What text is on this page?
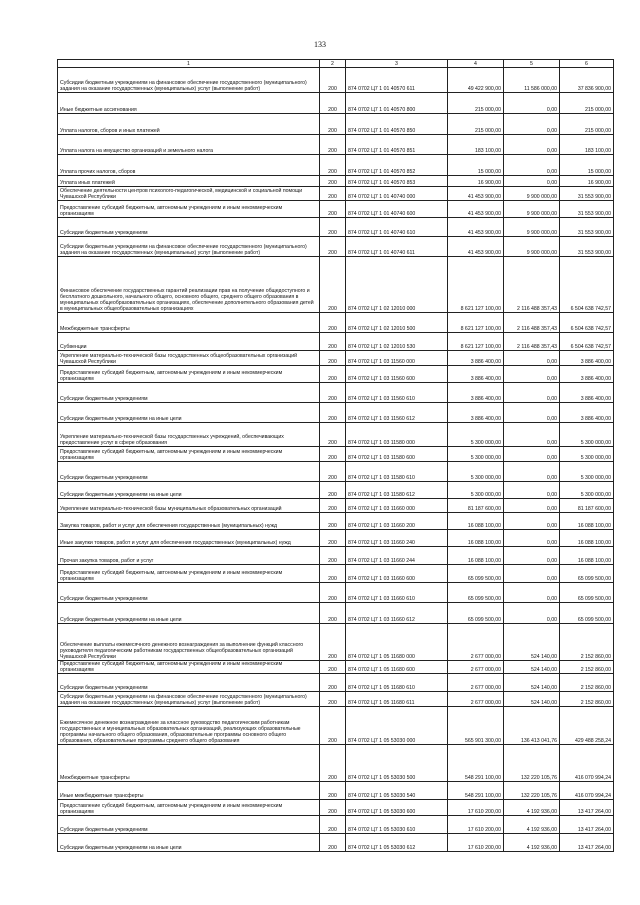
133
1	2	3	4	5	6
Субсидии бюджетным учреждениям на финансовое обеспечение государственного (муниципального) задания на оказание государственных (муниципальных) услуг (выполнение работ)	200	874 0702 Ц7 1 01 40570 611	49 422 900,00	11 586 000,00	37 836 900,00
Иные бюджетные ассигнования	200	874 0702 Ц7 1 01 40570 800	215 000,00	0,00	215 000,00
Уплата налогов, сборов и иных платежей	200	874 0702 Ц7 1 01 40570 850	215 000,00	0,00	215 000,00
Уплата налога на имущество организаций и земельного налога	200	874 0702 Ц7 1 01 40570 851	183 100,00	0,00	183 100,00
Уплата прочих налогов, сборов	200	874 0702 Ц7 1 01 40570 852	15 000,00	0,00	15 000,00
Уплата иных платежей	200	874 0702 Ц7 1 01 40570 853	16 900,00	0,00	16 900,00
Обеспечение деятельности центров психолого-педагогической, медицинской и социальной помощи Чувашской Республики	200	874 0702 Ц7 1 01 40740 000	41 453 900,00	9 900 000,00	31 553 900,00
Предоставление субсидий бюджетным, автономным учреждениям и иным некоммерческим организациям	200	874 0702 Ц7 1 01 40740 600	41 453 900,00	9 900 000,00	31 553 900,00
Субсидии бюджетным учреждениям	200	874 0702 Ц7 1 01 40740 610	41 453 900,00	9 900 000,00	31 553 900,00
Субсидии бюджетным учреждениям на финансовое обеспечение государственного (муниципального) задания на оказание государственных (муниципальных) услуг (выполнение работ)	200	874 0702 Ц7 1 01 40740 611	41 453 900,00	9 900 000,00	31 553 900,00
Финансовое обеспечение государственных гарантий реализации прав на получение общедоступного и бесплатного дошкольного, начального общего, основного общего, среднего общего образования в муниципальных общеобразовательных организациях, обеспечение дополнительного образования детей в муниципальных общеобразовательных организациях	200	874 0702 Ц7 1 02 12010 000	8 621 127 100,00	2 116 488 357,43	6 504 638 742,57
Межбюджетные трансферты	200	874 0702 Ц7 1 02 12010 500	8 621 127 100,00	2 116 488 357,43	6 504 638 742,57
Субвенции	200	874 0702 Ц7 1 02 12010 530	8 621 127 100,00	2 116 488 357,43	6 504 638 742,57
Укрепление материально-технической базы государственных общеобразовательных организаций Чувашской Республики	200	874 0702 Ц7 1 03 11560 000	3 886 400,00	0,00	3 886 400,00
Предоставление субсидий бюджетным, автономным учреждениям и иным некоммерческим организациям	200	874 0702 Ц7 1 03 11560 600	3 886 400,00	0,00	3 886 400,00
Субсидии бюджетным учреждениям	200	874 0702 Ц7 1 03 11560 610	3 886 400,00	0,00	3 886 400,00
Субсидии бюджетным учреждениям на иные цели	200	874 0702 Ц7 1 03 11560 612	3 886 400,00	0,00	3 886 400,00
Укрепление материально-технической базы государственных учреждений, обеспечивающих предоставление услуг в сфере образования	200	874 0702 Ц7 1 03 11580 000	5 300 000,00	0,00	5 300 000,00
Предоставление субсидий бюджетным, автономным учреждениям и иным некоммерческим организациям	200	874 0702 Ц7 1 03 11580 600	5 300 000,00	0,00	5 300 000,00
Субсидии бюджетным учреждениям	200	874 0702 Ц7 1 03 11580 610	5 300 000,00	0,00	5 300 000,00
Субсидии бюджетным учреждениям на иные цели	200	874 0702 Ц7 1 03 11580 612	5 300 000,00	0,00	5 300 000,00
Укрепление материально-технической базы муниципальных образовательных организаций	200	874 0702 Ц7 1 03 11660 000	81 187 600,00	0,00	81 187 600,00
Закупка товаров, работ и услуг для обеспечения государственных (муниципальных) нужд	200	874 0702 Ц7 1 03 11660 200	16 088 100,00	0,00	16 088 100,00
Иные закупки товаров, работ и услуг для обеспечения государственных (муниципальных) нужд	200	874 0702 Ц7 1 03 11660 240	16 088 100,00	0,00	16 088 100,00
Прочая закупка товаров, работ и услуг	200	874 0702 Ц7 1 03 11660 244	16 088 100,00	0,00	16 088 100,00
Предоставление субсидий бюджетным, автономным учреждениям и иным некоммерческим организациям	200	874 0702 Ц7 1 03 11660 600	65 099 500,00	0,00	65 099 500,00
Субсидии бюджетным учреждениям	200	874 0702 Ц7 1 03 11660 610	65 099 500,00	0,00	65 099 500,00
Субсидии бюджетным учреждениям на иные цели	200	874 0702 Ц7 1 03 11660 612	65 099 500,00	0,00	65 099 500,00
Обеспечение выплаты ежемесячного денежного вознаграждения за выполнение функций классного руководителя педагогическим работникам государственных общеобразовательных организаций Чувашской Республики	200	874 0702 Ц7 1 05 11680 000	2 677 000,00	524 140,00	2 152 860,00
Предоставление субсидий бюджетным, автономным учреждениям и иным некоммерческим организациям	200	874 0702 Ц7 1 05 11680 600	2 677 000,00	524 140,00	2 152 860,00
Субсидии бюджетным учреждениям	200	874 0702 Ц7 1 05 11680 610	2 677 000,00	524 140,00	2 152 860,00
Субсидии бюджетным учреждениям на финансовое обеспечение государственного (муниципального) задания на оказание государственных (муниципальных) услуг (выполнение работ)	200	874 0702 Ц7 1 05 11680 611	2 677 000,00	524 140,00	2 152 860,00
Ежемесячное денежное вознаграждение за классное руководство педагогическим работникам государственных и муниципальных образовательных организаций, реализующих образовательные программы начального общего образования, образовательные программы основного общего образования, образовательные программы среднего общего образования	200	874 0702 Ц7 1 05 53030 000	565 901 300,00	136 413 041,76	429 488 258,24
Межбюджетные трансферты	200	874 0702 Ц7 1 05 53030 500	548 291 100,00	132 220 105,76	416 070 994,24
Иные межбюджетные трансферты	200	874 0702 Ц7 1 05 53030 540	548 291 100,00	132 220 105,76	416 070 994,24
Предоставление субсидий бюджетным, автономным учреждениям и иным некоммерческим организациям	200	874 0702 Ц7 1 05 53030 600	17 610 200,00	4 192 936,00	13 417 264,00
Субсидии бюджетным учреждениям	200	874 0702 Ц7 1 05 53030 610	17 610 200,00	4 192 936,00	13 417 264,00
Субсидии бюджетным учреждениям на иные цели	200	874 0702 Ц7 1 05 53030 612	17 610 200,00	4 192 936,00	13 417 264,00
